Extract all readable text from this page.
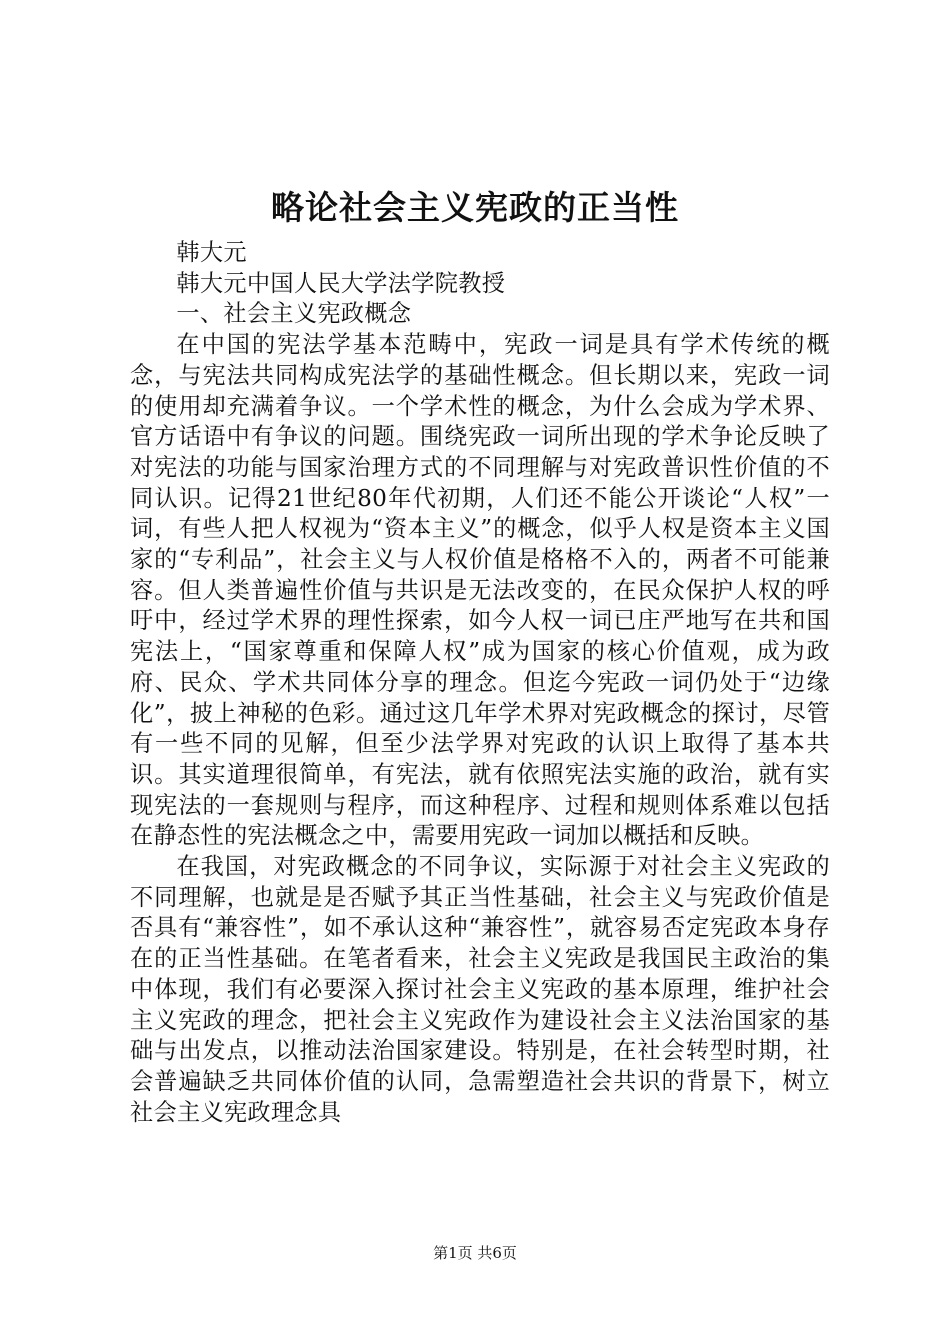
略论社会主义宪政的正当性

韩大元

韩大元中国人民大学法学院教授

一、社会主义宪政概念

在中国的宪法学基本范畴中，宪政一词是具有学术传统的概念，与宪法共同构成宪法学的基础性概念。但长期以来，宪政一词的使用却充满着争议。一个学术性的概念，为什么会成为学术界、官方话语中有争议的问题。围绕宪政一词所出现的学术争论反映了对宪法的功能与国家治理方式的不同理解与对宪政普识性价值的不同认识。记得21世纪80年代初期，人们还不能公开谈论“人权”一词，有些人把人权视为“资本主义”的概念，似乎人权是资本主义国家的“专利品”，社会主义与人权价值是格格不入的，两者不可能兼容。但人类普遍性价值与共识是无法改变的，在民众保护人权的呼吁中，经过学术界的理性探索，如今人权一词已庄严地写在共和国宪法上，“国家尊重和保障人权”成为国家的核心价值观，成为政府、民众、学术共同体分享的理念。但迄今宪政一词仍处于“边缘化”，披上神秘的色彩。通过这几年学术界对宪政概念的探讨，尽管有一些不同的见解，但至少法学界对宪政的认识上取得了基本共识。其实道理很简单，有宪法，就有依照宪法实施的政治，就有实现宪法的一套规则与程序，而这种程序、过程和规则体系难以包括在静态性的宪法概念之中，需要用宪政一词加以概括和反映。

在我国，对宪政概念的不同争议，实际源于对社会主义宪政的不同理解，也就是是否赋予其正当性基础，社会主义与宪政价值是否具有“兼容性”，如不承认这种“兼容性”，就容易否定宪政本身存在的正当性基础。在笔者看来，社会主义宪政是我国民主政治的集中体现，我们有必要深入探讨社会主义宪政的基本原理，维护社会主义宪政的理念，把社会主义宪政作为建设社会主义法治国家的基础与出发点，以推动法治国家建设。特别是，在社会转型时期，社会普遍缺乏共同体价值的认同，急需塑造社会共识的背景下，树立社会主义宪政理念具

第1页 共6页
